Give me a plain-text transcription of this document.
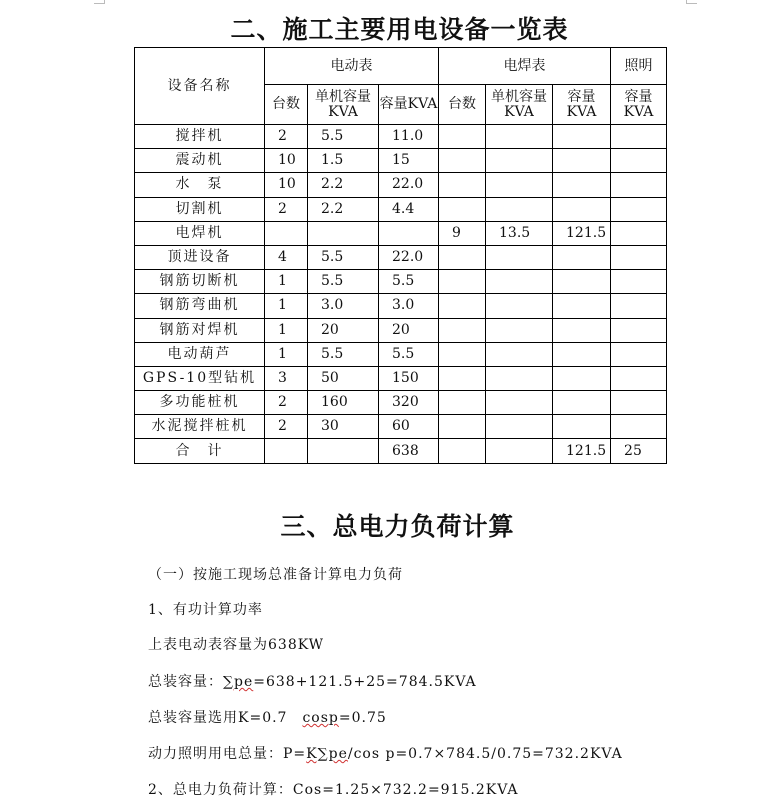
二、施工主要用电设备一览表
设备名称	电动表			电焊表			照明
	台数	单机容量KVA	容量KVA	台数	单机容量KVA	容量KVA	容量KVA
搅拌机	2	5.5	11.0				
震动机	10	1.5	15				
水　泵	10	2.2	22.0				
切割机	2	2.2	4.4				
电焊机				9	13.5	121.5	
顶进设备	4	5.5	22.0				
钢筋切断机	1	5.5	5.5				
钢筋弯曲机	1	3.0	3.0				
钢筋对焊机	1	20	20				
电动葫芦	1	5.5	5.5				
GPS-10型钻机	3	50	150				
多功能桩机	2	160	320				
水泥搅拌桩机	2	30	60				
合　计			638			121.5	25
三、总电力负荷计算
（一）按施工现场总准备计算电力负荷
1、有功计算功率
上表电动表容量为638KW
总装容量：∑pe=638+121.5+25=784.5KVA
总装容量选用K=0.7　cosp=0.75
动力照明用电总量：P=K∑pe/cos p=0.7×784.5/0.75=732.2KVA
2、总电力负荷计算：Cos=1.25×732.2=915.2KVA
